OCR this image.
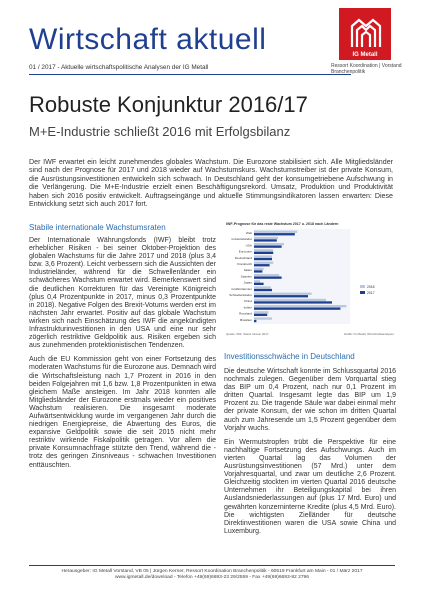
Wirtschaft aktuell
01 / 2017 - Aktuelle wirtschaftspolitische Analysen der IG Metall
IG Metall
Ressort Koordination | Vorstand
Branchenpolitik
Robuste Konjunktur 2016/17
M+E-Industrie schließt 2016 mit Erfolgsbilanz
Der IWF erwartet ein leicht zunehmendes globales Wachstum. Die Eurozone stabilisiert sich. Alle Mitgliedsländer sind nach der Prognose für 2017 und 2018 wieder auf Wachstumskurs. Wachstumstreiber ist der private Konsum, die Ausrüstungsinvestitionen entwickeln sich schwach. In Deutschland geht der konsumgetriebene Aufschwung in die Verlängerung. Die M+E-Industrie erzielt einen Beschäftigungsrekord. Umsatz, Produktion und Produktivität haben sich 2016 positiv entwickelt. Auftragseingänge und aktuelle Stimmungsindikatoren lassen erwarten: Diese Entwicklung setzt sich auch 2017 fort.
Stabile internationale Wachstumsraten

Der Internationale Währungsfonds (IWF) bleibt trotz erheblicher Risiken - bei seiner Oktober-Projektion des globalen Wachstums für die Jahre 2017 und 2018 (plus 3,4 bzw. 3,6 Prozent). Leicht verbessern sich die Aussichten der Industrieländer, während für die Schwellenländer ein schwächeres Wachstum erwartet wird. Bemerkenswert sind die deutlichen Korrekturen für das Vereinigte Königreich (plus 0,4 Prozentpunkte in 2017, minus 0,3 Prozentpunkte in 2018). Negative Folgen des Brexit-Votums werden erst im nächsten Jahr erwartet. Positiv auf das globale Wachstum wirken sich nach Einschätzung des IWF die angekündigten Infrastrukturinvestitionen in den USA und eine nur sehr zögerlich restriktive Geldpolitik aus. Risiken ergeben sich aus zunehmenden protektionistischen Tendenzen.

Auch die EU Kommission geht von einer Fortsetzung des moderaten Wachstums für die Eurozone aus. Demnach wird die Wirtschaftsleistung nach 1,7 Prozent in 2016 in den beiden Folgejahren mit 1,6 bzw. 1,8 Prozentpunkten in etwa gleichem Maße ansteigen. Im Jahr 2018 konnten alle Mitgliedsländer der Eurozone erstmals wieder ein positives Wachstum realisieren. Die insgesamt moderate Aufwärtsentwicklung wurde im vergangenen Jahr durch die niedrigen Energiepreise, die Abwertung des Euros, die expansive Geldpolitik sowie die seit 2015 nicht mehr restriktiv wirkende Fiskalpolitik getragen. Vor allem die private Konsumnachfrage stützte den Trend, während die - trotz des geringen Zinsniveaus - schwachen Investitionen enttäuschten.

IWF-Prognose für das reale Wachstum 2017 u. 2018 nach Ländern
Welt
Industrieländer
USA
Eurozone
Deutschland
Frankreich
Italien
Spanien
Japan
Großbritannien
Schwellenländer
China
Indien
Russland
Brasilien
2018
2017
Quelle: IWF, Stand Januar 2017	Grafik: IG Metall, Wirtschaftsanalysen
Investitionsschwäche in Deutschland

Die deutsche Wirtschaft konnte im Schlussquartal 2016 nochmals zulegen. Gegenüber dem Vorquartal stieg das BIP um 0,4 Prozent, nach nur 0,1 Prozent im dritten Quartal. Insgesamt legte das BIP um 1,9 Prozent zu. Die tragende Säule war dabei einmal mehr der private Konsum, der wie schon im dritten Quartal auch zum Jahresende um 1,5 Prozent gegenüber dem Vorjahr wuchs.

Ein Wermutstropfen trübt die Perspektive für eine nachhaltige Fortsetzung des Aufschwungs. Auch im vierten Quartal lag das Volumen der Ausrüstungsinvestitionen (57 Mrd.) unter dem Vorjahresquartal, und zwar um deutliche 2,6 Prozent. Gleichzeitig stockten im vierten Quartal 2016 deutsche Unternehmen ihr Beteiligungskapital bei ihren Auslandsniederlassungen auf (plus 17 Mrd. Euro) und gewährten konzerninterne Kredite (plus 4,5 Mrd. Euro). Die wichtigsten Zielländer für deutsche Direktinvestitionen waren die USA sowie China und Luxemburg.

Herausgeber: IG Metall Vorstand, VB 05 | Jürgen Kerner, Ressort Koordination Branchenpolitik - 60519 Frankfurt am Main - 01 / März 2017
www.igmetall.de/download - Telefon +49(69)6693-23 29/2559 - Fax +49(69)6693-82 2796
